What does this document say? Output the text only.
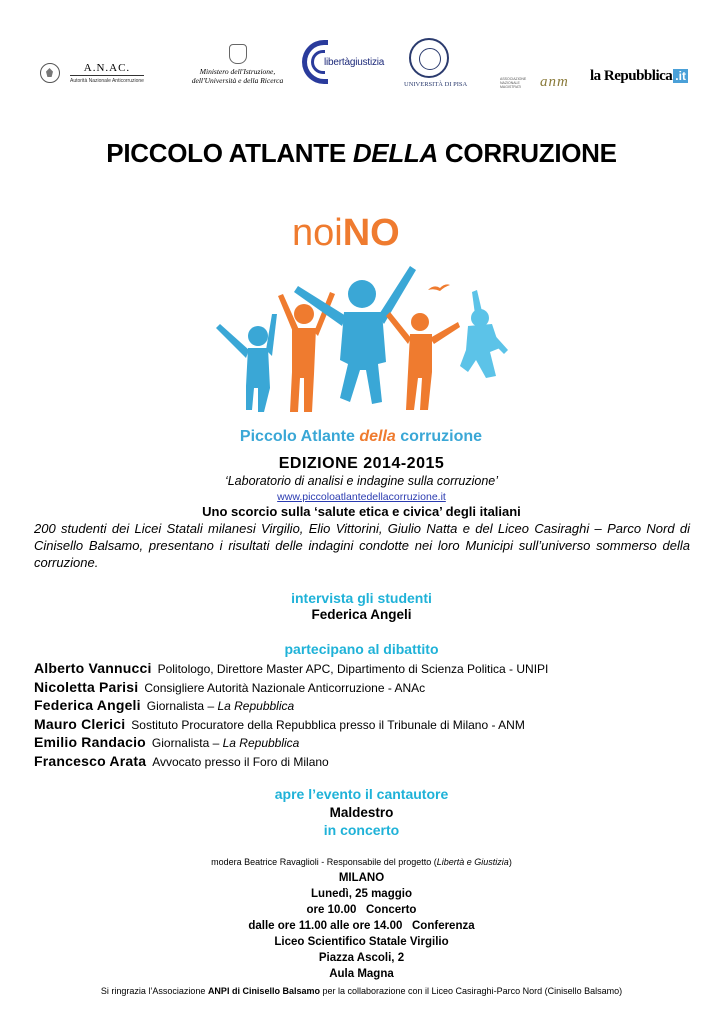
A.N.AC.
Autorità Nazionale Anticorruzione
Ministero dell'Istruzione,
dell'Università e della Ricerca
libertàgiustizia
UNIVERSITÀ DI PISA
ASSOCIAZIONE NAZIONALE MAGISTRATI	anm la Repubblica .it
PICCOLO ATLANTE DELLA CORRUZIONE
noiNO
Piccolo Atlante della corruzione
EDIZIONE 2014-2015
‘Laboratorio di analisi e indagine sulla corruzione’
www.piccoloatlantedellacorruzione.it
Uno scorcio sulla ‘salute etica e civica’ degli italiani
200 studenti dei Licei Statali milanesi Virgilio, Elio Vittorini, Giulio Natta e del Liceo Casiraghi – Parco Nord di Cinisello Balsamo, presentano i risultati delle indagini condotte nei loro Municipi sull’universo sommerso della corruzione.
intervista gli studenti
Federica Angeli
partecipano al dibattito
Alberto Vannucci Politologo, Direttore Master APC, Dipartimento di Scienza Politica - UNIPI
Nicoletta Parisi Consigliere Autorità Nazionale Anticorruzione - ANAc
Federica Angeli Giornalista – La Repubblica
Mauro Clerici Sostituto Procuratore della Repubblica presso il Tribunale di Milano - ANM
Emilio Randacio Giornalista – La Repubblica
Francesco Arata Avvocato presso il Foro di Milano
apre l’evento il cantautore
Maldestro
in concerto
modera Beatrice Ravaglioli - Responsabile del progetto (Libertà e Giustizia)
MILANO
Lunedì, 25 maggio
ore 10.00   Concerto
dalle ore 11.00 alle ore 14.00   Conferenza
Liceo Scientifico Statale Virgilio
Piazza Ascoli, 2
Aula Magna
Si ringrazia l’Associazione ANPI di Cinisello Balsamo per la collaborazione con il Liceo Casiraghi-Parco Nord (Cinisello Balsamo)
